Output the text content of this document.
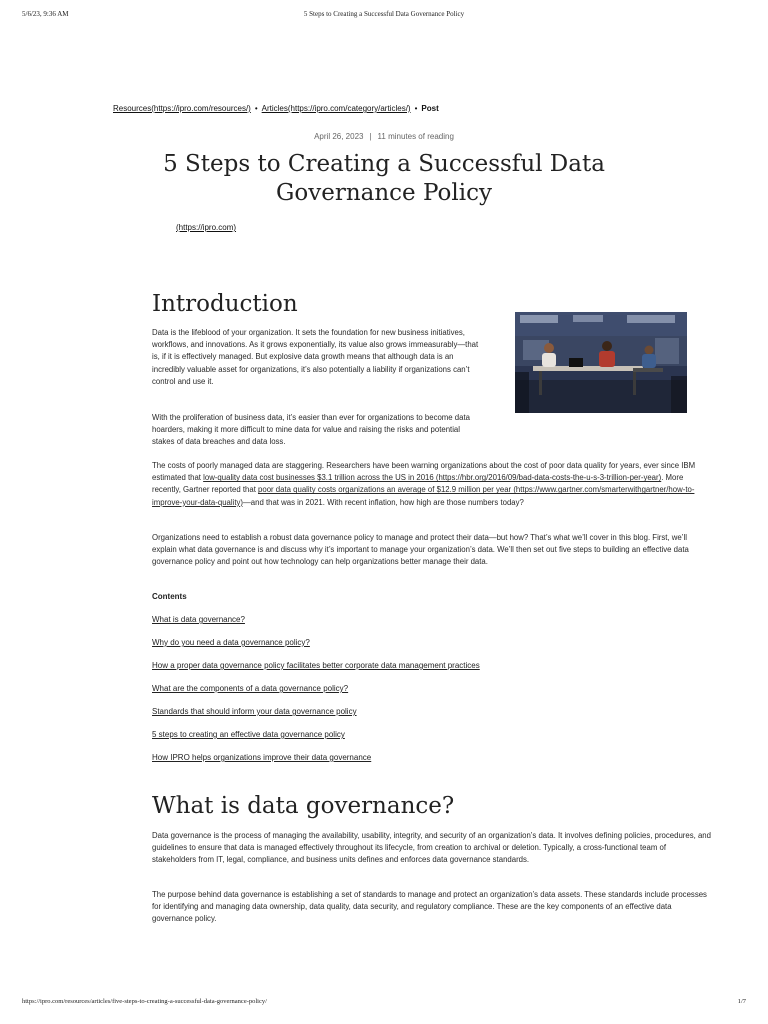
5/6/23, 9:36 AM	5 Steps to Creating a Successful Data Governance Policy
Resources(https://ipro.com/resources/) • Articles(https://ipro.com/category/articles/) • Post
April 26, 2023 | 11 minutes of reading
5 Steps to Creating a Successful Data Governance Policy
(https://ipro.com)
Introduction

Data is the lifeblood of your organization. It sets the foundation for new business initiatives, workflows, and innovations. As it grows exponentially, its value also grows immeasurably—that is, if it is effectively managed. But explosive data growth means that although data is an incredibly valuable asset for organizations, it’s also potentially a liability if organizations can’t control and use it.

With the proliferation of business data, it’s easier than ever for organizations to become data hoarders, making it more difficult to mine data for value and raising the risks and potential stakes of data breaches and data loss.

The costs of poorly managed data are staggering. Researchers have been warning organizations about the cost of poor data quality for years, ever since IBM estimated that low-quality data cost businesses $3.1 trillion across the US in 2016 (https://hbr.org/2016/09/bad-data-costs-the-u-s-3-trillion-per-year). More recently, Gartner reported that poor data quality costs organizations an average of $12.9 million per year (https://www.gartner.com/smarterwithgartner/how-to-improve-your-data-quality)—and that was in 2021. With recent inflation, how high are those numbers today?

Organizations need to establish a robust data governance policy to manage and protect their data—but how? That’s what we’ll cover in this blog. First, we’ll explain what data governance is and discuss why it’s important to manage your organization’s data. We’ll then set out five steps to building an effective data governance policy and point out how technology can help organizations better manage their data.

Contents
What is data governance?
Why do you need a data governance policy?
How a proper data governance policy facilitates better corporate data management practices
What are the components of a data governance policy?
Standards that should inform your data governance policy
5 steps to creating an effective data governance policy
How IPRO helps organizations improve their data governance
What is data governance?

Data governance is the process of managing the availability, usability, integrity, and security of an organization’s data. It involves defining policies, procedures, and guidelines to ensure that data is managed effectively throughout its lifecycle, from creation to archival or deletion. Typically, a cross-functional team of stakeholders from IT, legal, compliance, and business units defines and enforces data governance standards.

The purpose behind data governance is establishing a set of standards to manage and protect an organization’s data assets. These standards include processes for identifying and managing data ownership, data quality, data security, and regulatory compliance. These are the key components of an effective data governance policy.

https://ipro.com/resources/articles/five-steps-to-creating-a-successful-data-governance-policy/	1/7
